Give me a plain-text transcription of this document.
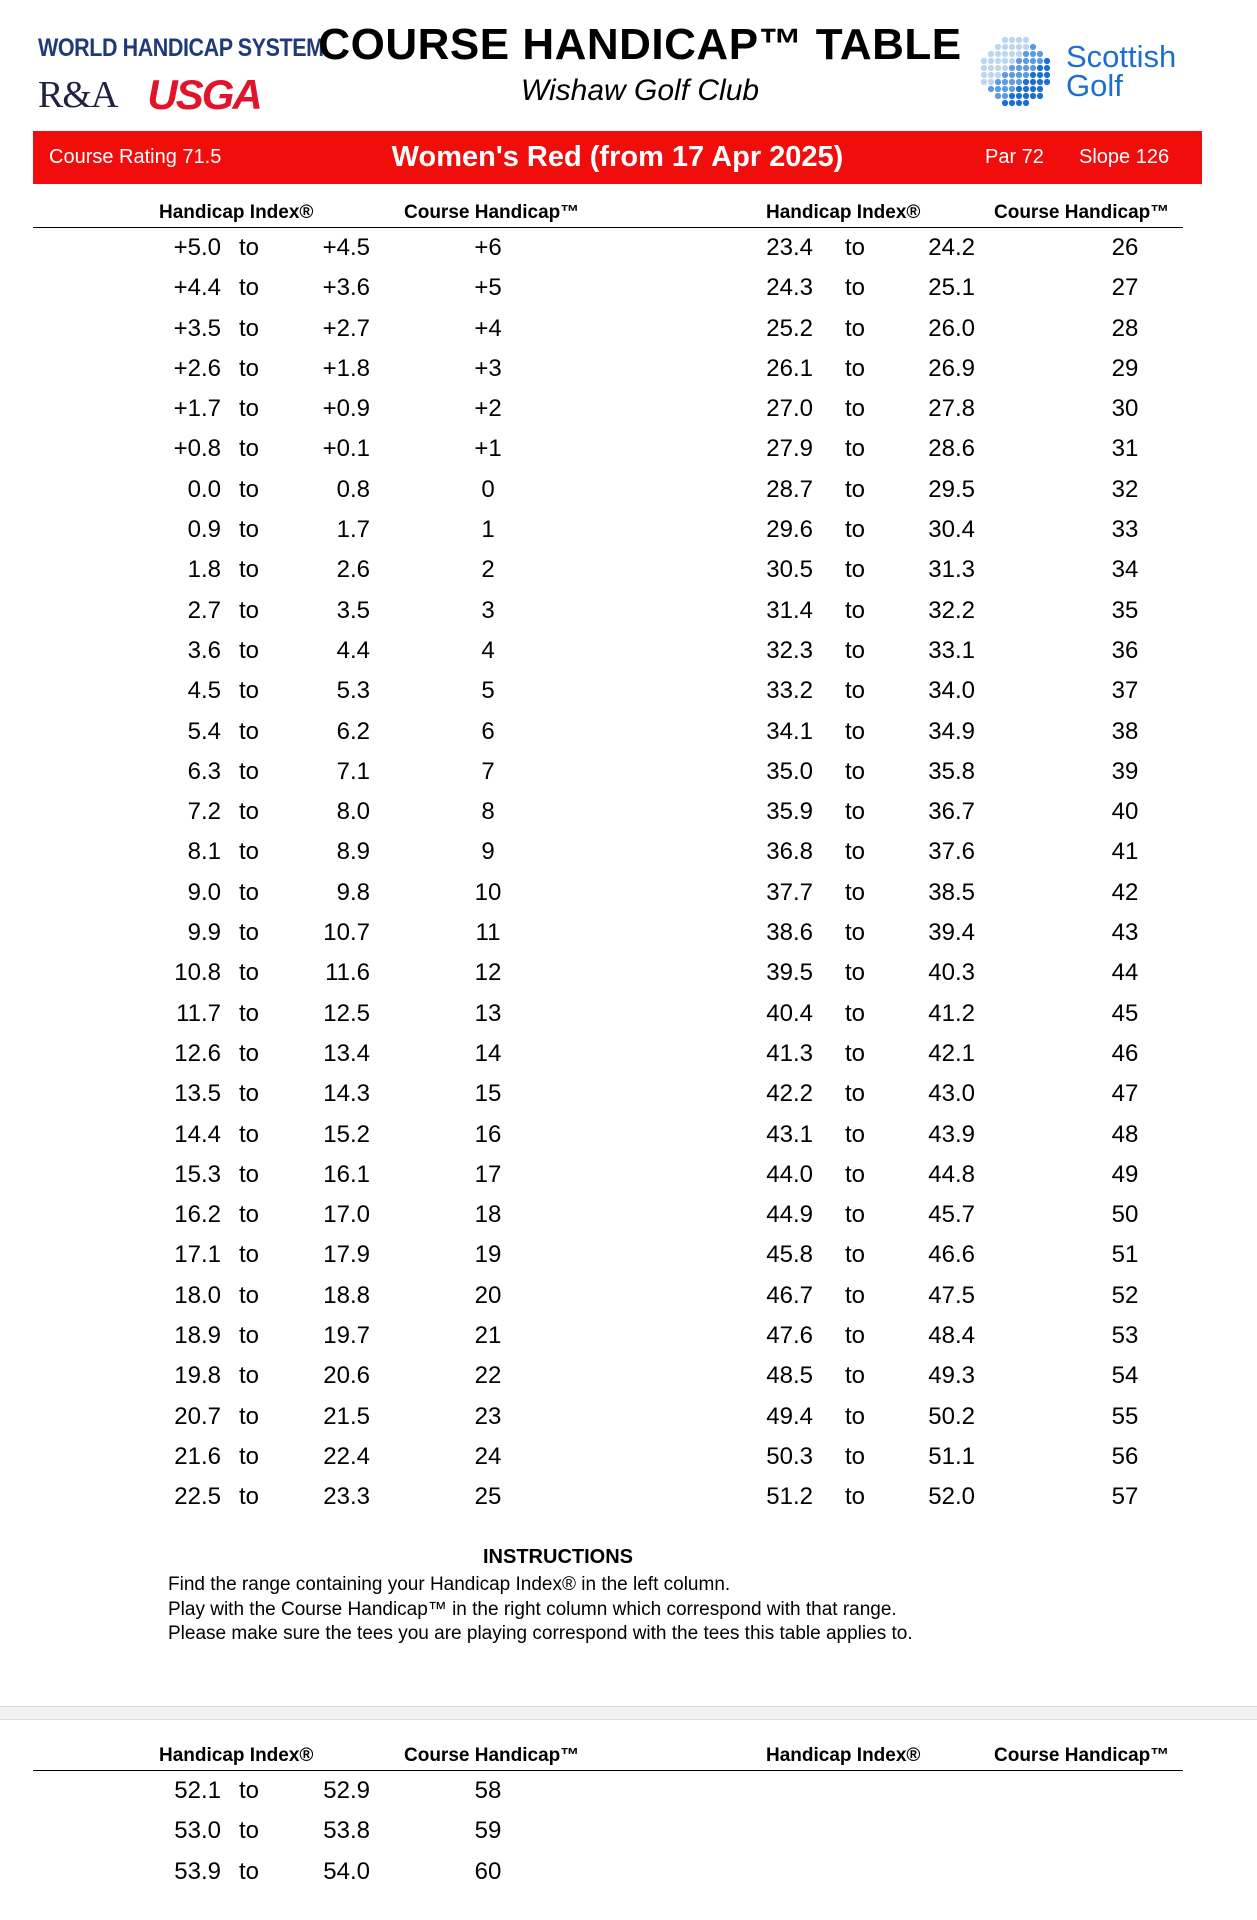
WORLD HANDICAP SYSTEM
R&A USGA
COURSE HANDICAP™ TABLE
Wishaw Golf Club
Scottish
Golf
Course Rating 71.5	Women's Red (from 17 Apr 2025)	Par 72 Slope 126
Handicap Index®	Course Handicap™	Handicap Index®	Course Handicap™
+5.0 to	+4.5	+6	23.4 to	24.2	26
+4.4 to	+3.6	+5	24.3 to	25.1	27
+3.5 to	+2.7	+4	25.2 to	26.0	28
+2.6 to	+1.8	+3	26.1 to	26.9	29
+1.7 to	+0.9	+2	27.0 to	27.8	30
+0.8 to	+0.1	+1	27.9 to	28.6	31
0.0 to	0.8	0	28.7 to	29.5	32
0.9 to	1.7	1	29.6 to	30.4	33
1.8 to	2.6	2	30.5 to	31.3	34
2.7 to	3.5	3	31.4 to	32.2	35
3.6 to	4.4	4	32.3 to	33.1	36
4.5 to	5.3	5	33.2 to	34.0	37
5.4 to	6.2	6	34.1 to	34.9	38
6.3 to	7.1	7	35.0 to	35.8	39
7.2 to	8.0	8	35.9 to	36.7	40
8.1 to	8.9	9	36.8 to	37.6	41
9.0 to	9.8	10	37.7 to	38.5	42
9.9 to	10.7	11	38.6 to	39.4	43
10.8 to	11.6	12	39.5 to	40.3	44
11.7 to	12.5	13	40.4 to	41.2	45
12.6 to	13.4	14	41.3 to	42.1	46
13.5 to	14.3	15	42.2 to	43.0	47
14.4 to	15.2	16	43.1 to	43.9	48
15.3 to	16.1	17	44.0 to	44.8	49
16.2 to	17.0	18	44.9 to	45.7	50
17.1 to	17.9	19	45.8 to	46.6	51
18.0 to	18.8	20	46.7 to	47.5	52
18.9 to	19.7	21	47.6 to	48.4	53
19.8 to	20.6	22	48.5 to	49.3	54
20.7 to	21.5	23	49.4 to	50.2	55
21.6 to	22.4	24	50.3 to	51.1	56
22.5 to	23.3	25	51.2 to	52.0	57
INSTRUCTIONS

Find the range containing your Handicap Index® in the left column.

Play with the Course Handicap™ in the right column which correspond with that range.

Please make sure the tees you are playing correspond with the tees this table applies to.

Handicap Index®	Course Handicap™	Handicap Index®	Course Handicap™
52.1 to	52.9	58
53.0 to	53.8	59
53.9 to	54.0	60
